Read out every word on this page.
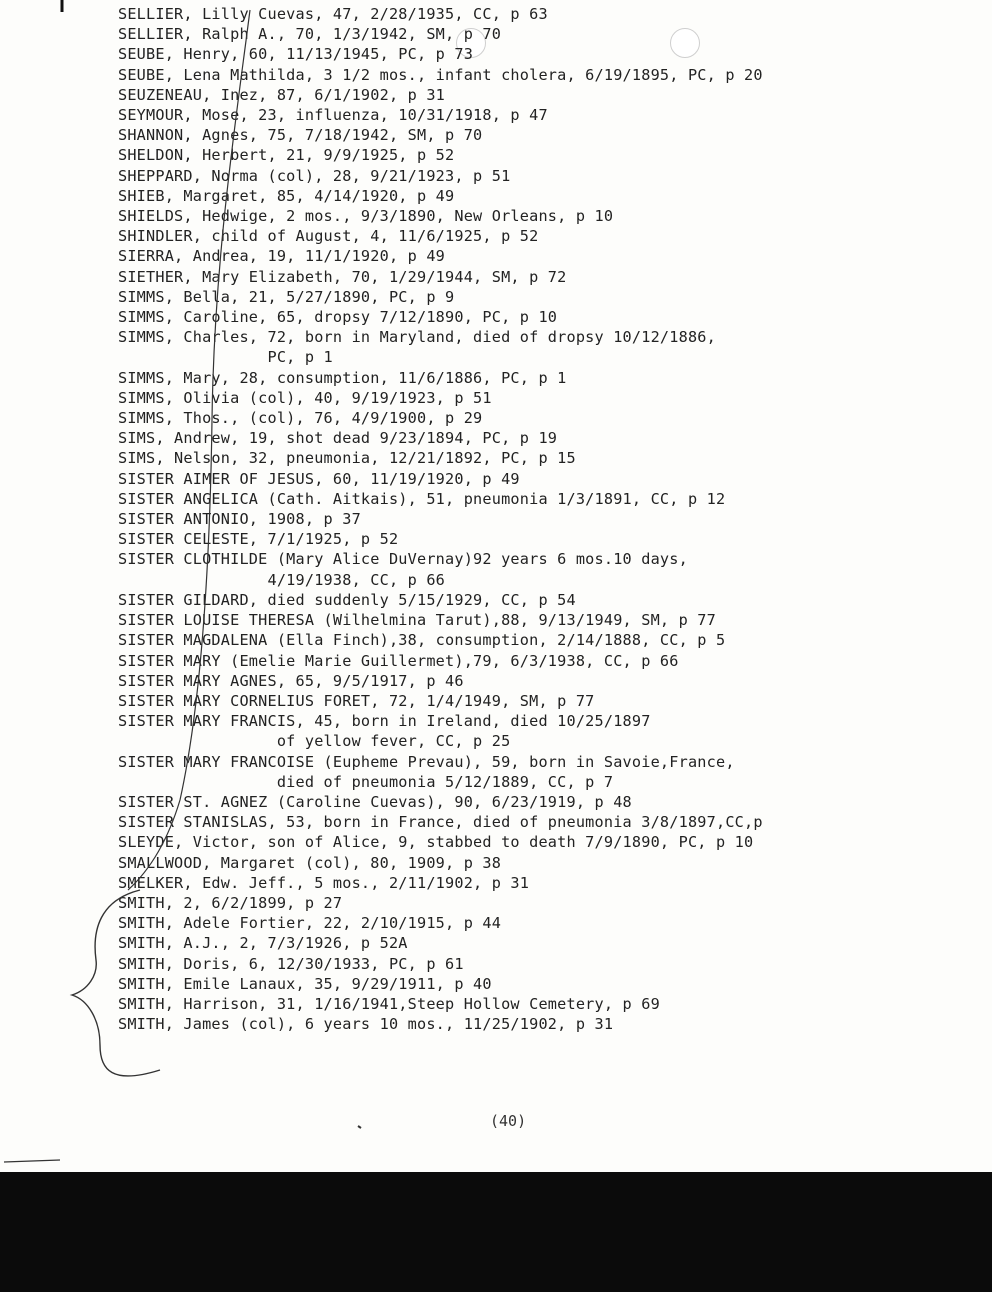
SELLIER, Lilly Cuevas, 47, 2/28/1935, CC, p 63
SELLIER, Ralph A., 70, 1/3/1942, SM, p 70
SEUBE, Henry, 60, 11/13/1945, PC, p 73
SEUBE, Lena Mathilda, 3 1/2 mos., infant cholera, 6/19/1895, PC, p 20
SEUZENEAU, Inez, 87, 6/1/1902, p 31
SEYMOUR, Mose, 23, influenza, 10/31/1918, p 47
SHANNON, Agnes, 75, 7/18/1942, SM, p 70
SHELDON, Herbert, 21, 9/9/1925, p 52
SHEPPARD, Norma (col), 28, 9/21/1923, p 51
SHIEB, Margaret, 85, 4/14/1920, p 49
SHIELDS, Hedwige, 2 mos., 9/3/1890, New Orleans, p 10
SHINDLER, child of August, 4, 11/6/1925, p 52
SIERRA, Andrea, 19, 11/1/1920, p 49
SIETHER, Mary Elizabeth, 70, 1/29/1944, SM, p 72
SIMMS, Bella, 21, 5/27/1890, PC, p 9
SIMMS, Caroline, 65, dropsy 7/12/1890, PC, p 10
SIMMS, Charles, 72, born in Maryland, died of dropsy 10/12/1886,
PC, p 1
SIMMS, Mary, 28, consumption, 11/6/1886, PC, p 1
SIMMS, Olivia (col), 40, 9/19/1923, p 51
SIMMS, Thos., (col), 76, 4/9/1900, p 29
SIMS, Andrew, 19, shot dead 9/23/1894, PC, p 19
SIMS, Nelson, 32, pneumonia, 12/21/1892, PC, p 15
SISTER AIMER OF JESUS, 60, 11/19/1920, p 49
SISTER ANGELICA (Cath. Aitkais), 51, pneumonia 1/3/1891, CC, p 12
SISTER ANTONIO, 1908, p 37
SISTER CELESTE, 7/1/1925, p 52
SISTER CLOTHILDE (Mary Alice DuVernay)92 years 6 mos.10 days,
4/19/1938, CC, p 66
SISTER GILDARD, died suddenly 5/15/1929, CC, p 54
SISTER LOUISE THERESA (Wilhelmina Tarut),88, 9/13/1949, SM, p 77
SISTER MAGDALENA (Ella Finch),38, consumption, 2/14/1888, CC, p 5
SISTER MARY (Emelie Marie Guillermet),79, 6/3/1938, CC, p 66
SISTER MARY AGNES, 65, 9/5/1917, p 46
SISTER MARY CORNELIUS FORET, 72, 1/4/1949, SM, p 77
SISTER MARY FRANCIS, 45, born in Ireland, died 10/25/1897
of yellow fever, CC, p 25
SISTER MARY FRANCOISE (Eupheme Prevau), 59, born in Savoie,France,
died of pneumonia 5/12/1889, CC, p 7
SISTER ST. AGNEZ (Caroline Cuevas), 90, 6/23/1919, p 48
SISTER STANISLAS, 53, born in France, died of pneumonia 3/8/1897,CC,p
SLEYDE, Victor, son of Alice, 9, stabbed to death 7/9/1890, PC, p 10
SMALLWOOD, Margaret (col), 80, 1909, p 38
SMELKER, Edw. Jeff., 5 mos., 2/11/1902, p 31
SMITH, 2, 6/2/1899, p 27
SMITH, Adele Fortier, 22, 2/10/1915, p 44
SMITH, A.J., 2, 7/3/1926, p 52A
SMITH, Doris, 6, 12/30/1933, PC, p 61
SMITH, Emile Lanaux, 35, 9/29/1911, p 40
SMITH, Harrison, 31, 1/16/1941,Steep Hollow Cemetery, p 69
SMITH, James (col), 6 years 10 mos., 11/25/1902, p 31
(40)
